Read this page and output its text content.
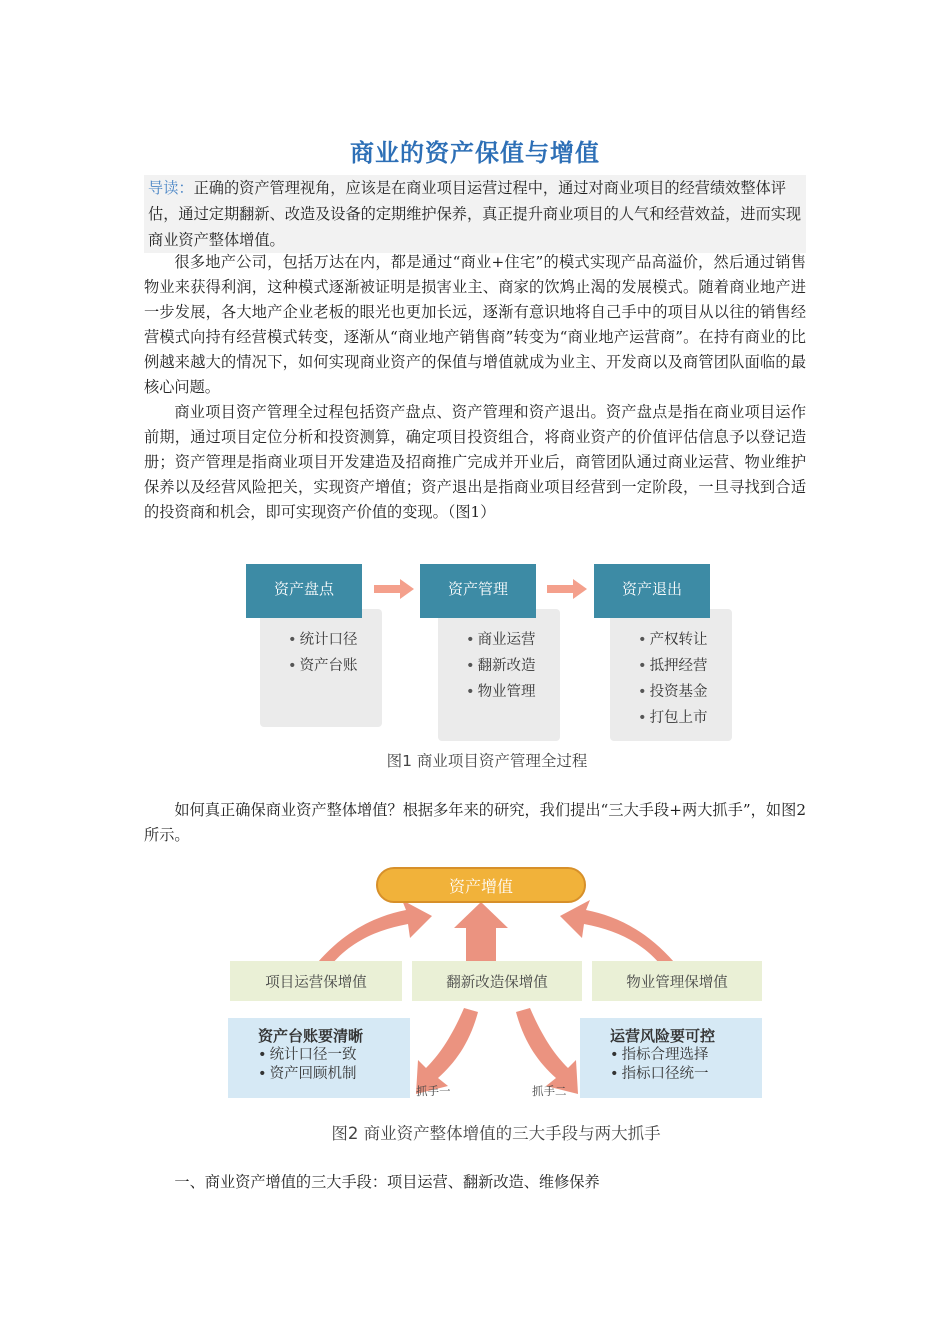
商业的资产保值与增值
导读：正确的资产管理视角，应该是在商业项目运营过程中，通过对商业项目的经营绩效整体评估，通过定期翻新、改造及设备的定期维护保养，真正提升商业项目的人气和经营效益，进而实现商业资产整体增值。
很多地产公司，包括万达在内，都是通过“商业+住宅”的模式实现产品高溢价，然后通过销售物业来获得利润，这种模式逐渐被证明是损害业主、商家的饮鸩止渴的发展模式。随着商业地产进一步发展，各大地产企业老板的眼光也更加长远，逐渐有意识地将自己手中的项目从以往的销售经营模式向持有经营模式转变，逐渐从“商业地产销售商”转变为“商业地产运营商”。在持有商业的比例越来越大的情况下，如何实现商业资产的保值与增值就成为业主、开发商以及商管团队面临的最核心问题。
商业项目资产管理全过程包括资产盘点、资产管理和资产退出。资产盘点是指在商业项目运作前期，通过项目定位分析和投资测算，确定项目投资组合，将商业资产的价值评估信息予以登记造册；资产管理是指商业项目开发建造及招商推广完成并开业后，商管团队通过商业运营、物业维护保养以及经营风险把关，实现资产增值；资产退出是指商业项目经营到一定阶段，一旦寻找到合适的投资商和机会，即可实现资产价值的变现。（图1）
• 统计口径
• 资产台账
资产盘点
• 商业运营
• 翻新改造
• 物业管理
资产管理
• 产权转让
• 抵押经营
• 投资基金
• 打包上市
资产退出
图1 商业项目资产管理全过程
如何真正确保商业资产整体增值？根据多年来的研究，我们提出“三大手段+两大抓手”，如图2所示。
资产增值
项目运营保增值	翻新改造保增值	物业管理保增值
资产台账要清晰
• 统计口径一致
• 资产回顾机制
运营风险要可控
• 指标合理选择
• 指标口径统一
抓手一	抓手二
图2 商业资产整体增值的三大手段与两大抓手
一、商业资产增值的三大手段：项目运营、翻新改造、维修保养
